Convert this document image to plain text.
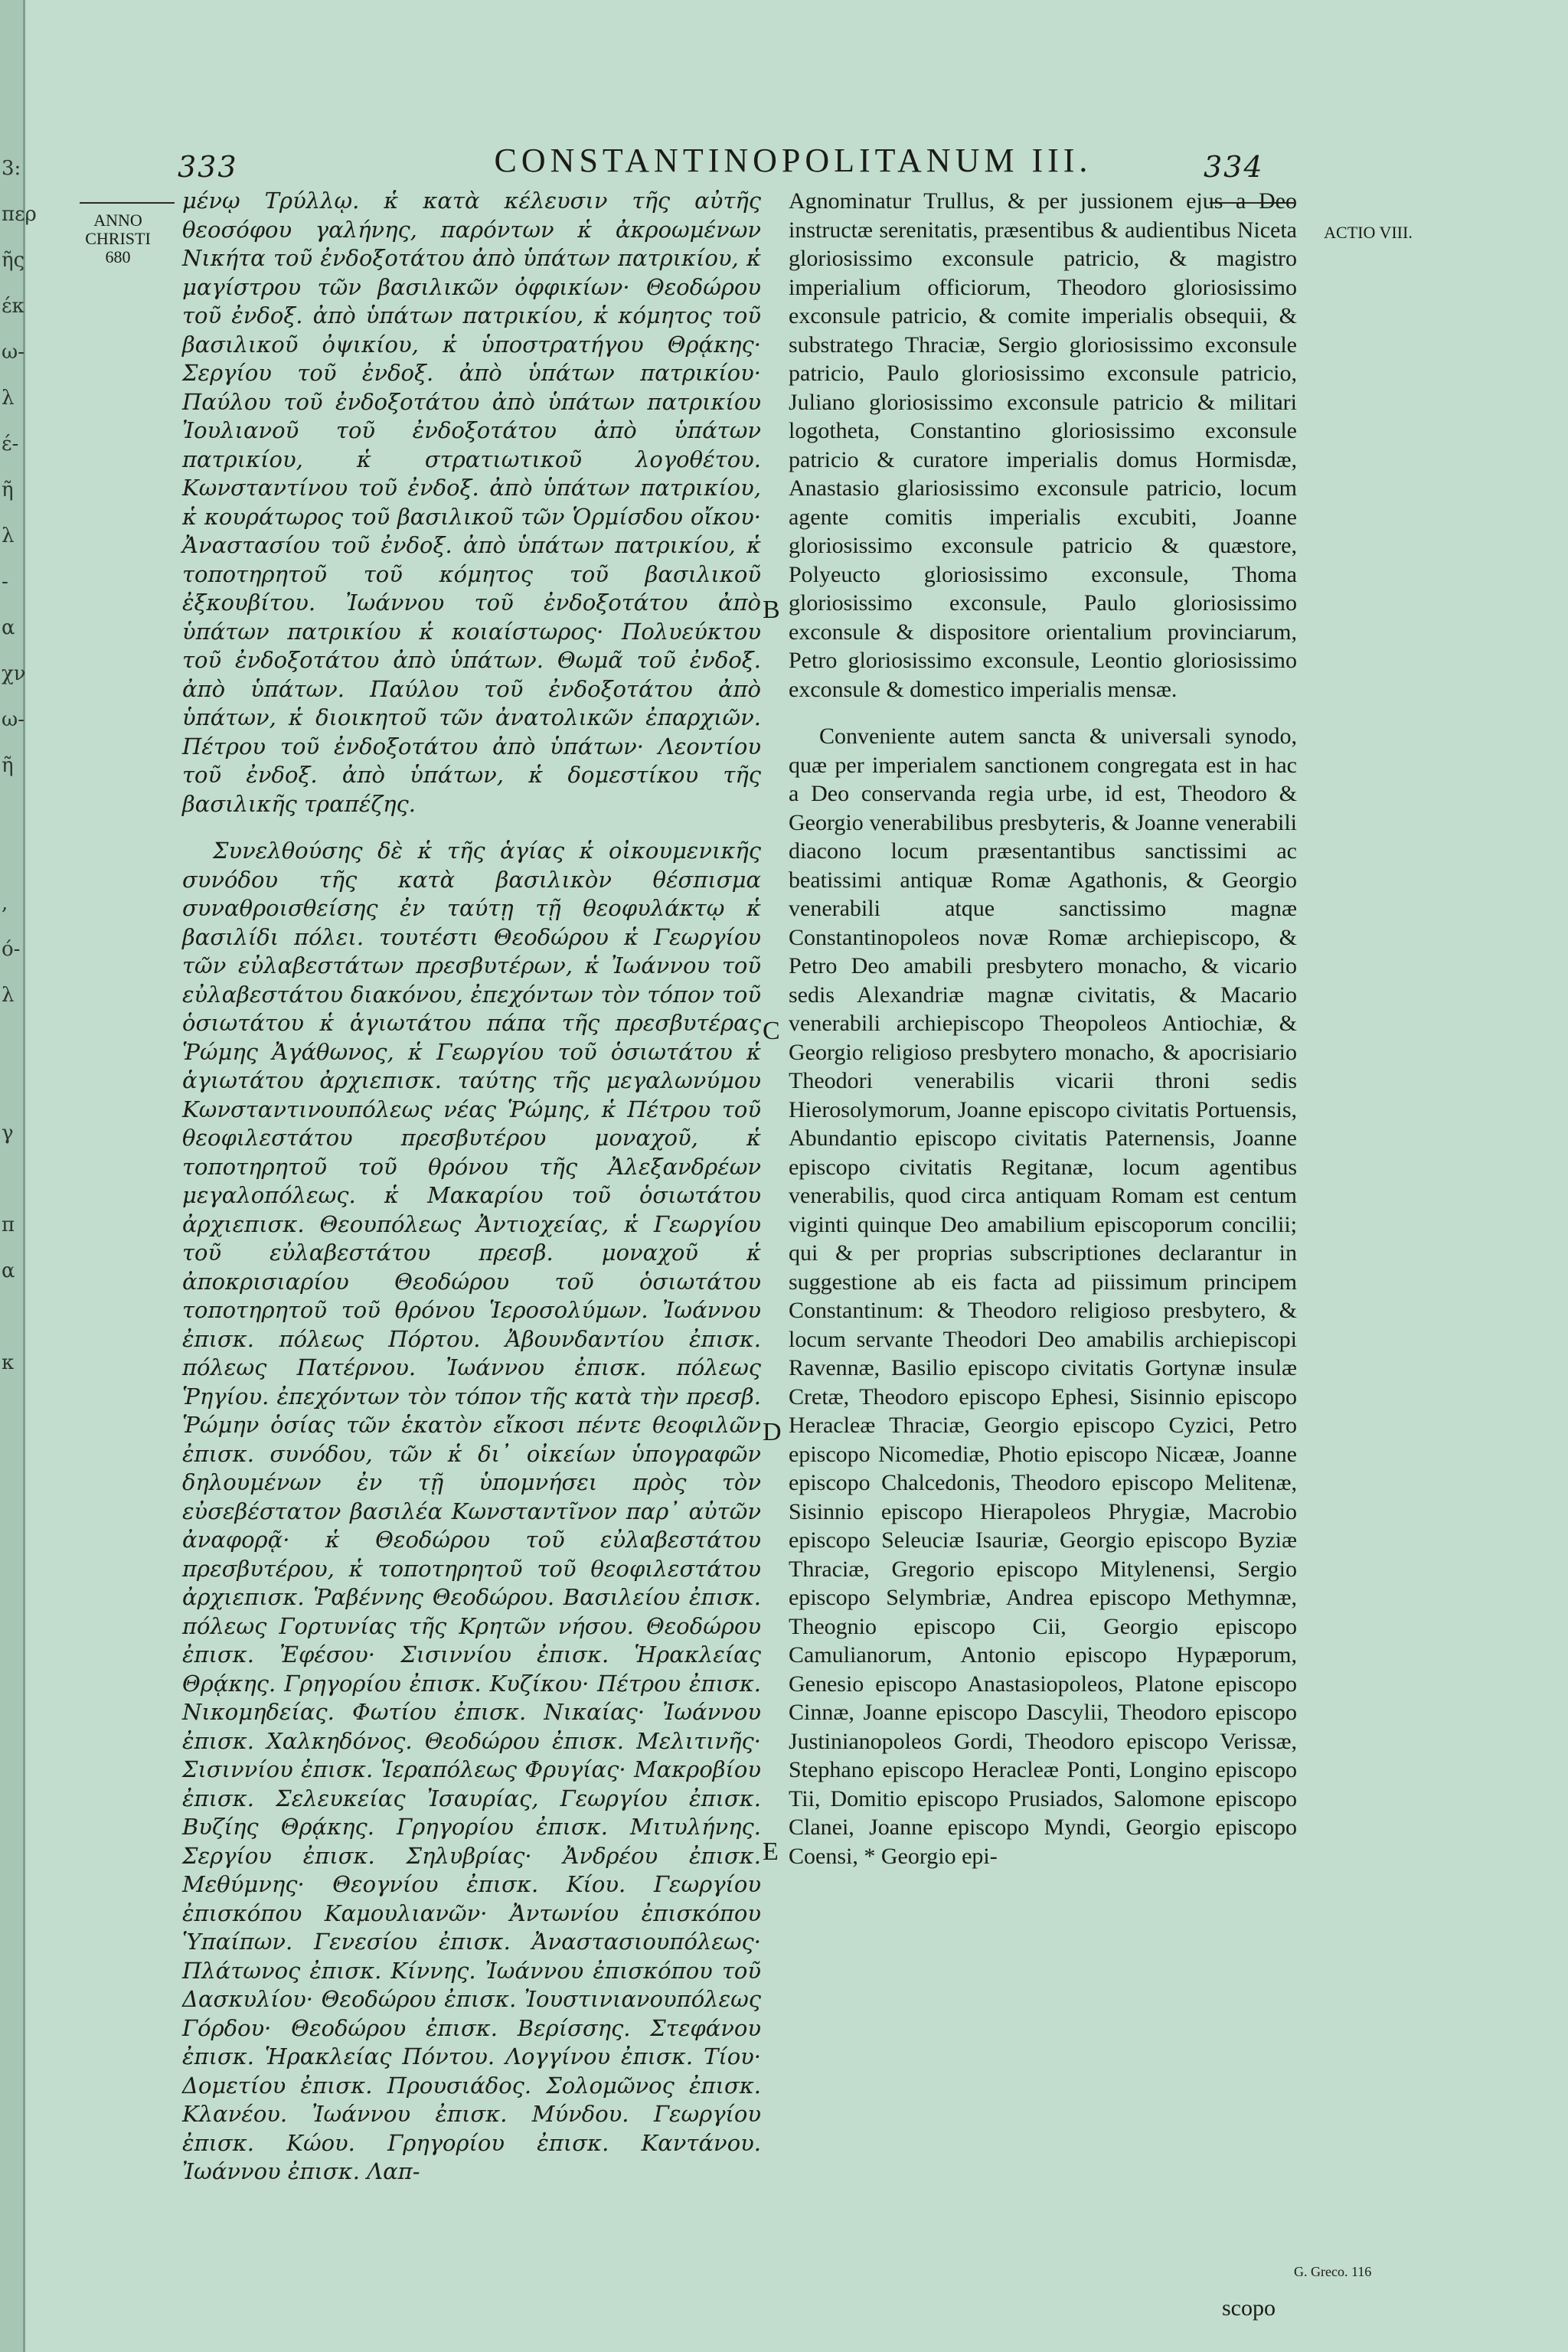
3:
περ
ῆς
έκ
ω-
λ
έ-
ῆ
λ
-
α
χν
ω-
ῆ

,
ό-
λ

γ

π
α

κ
333	CONSTANTINOPOLITANUM III.	334
ANNO CHRISTI 680
ACTIO VIII.

μένῳ Τρύλλῳ. κ̔ κατὰ κέλευσιν τῆς αὐτῆς θεοσόφου γαλήνης, παρόντων κ̔ ἀκροωμένων Νικήτα τοῦ ἐνδοξοτάτου ἀπὸ ὑπάτων πατρικίου, κ̔ μαγίστρου τῶν βασιλικῶν ὀφφικίων· Θεοδώρου τοῦ ἐνδοξ. ἀπὸ ὑπάτων πατρικίου, κ̔ κόμητος τοῦ βασιλικοῦ ὀψικίου, κ̔ ὑποστρατήγου Θρᾴκης· Σεργίου τοῦ ἐνδοξ. ἀπὸ ὑπάτων πατρικίου· Παύλου τοῦ ἐνδοξοτάτου ἀπὸ ὑπάτων πατρικίου Ἰουλιανοῦ τοῦ ἐνδοξοτάτου ἀπὸ ὑπάτων πατρικίου, κ̔ στρατιωτικοῦ λογοθέτου. Κωνσταντίνου τοῦ ἐνδοξ. ἀπὸ ὑπάτων πατρικίου, κ̔ κουράτωρος τοῦ βασιλικοῦ τῶν Ὁρμίσδου οἴκου· Ἀναστασίου τοῦ ἐνδοξ. ἀπὸ ὑπάτων πατρικίου, κ̔ τοποτηρητοῦ τοῦ κόμητος τοῦ βασιλικοῦ ἐξκουβίτου. Ἰωάννου τοῦ ἐνδοξοτάτου ἀπὸ ὑπάτων πατρικίου κ̔ κοιαίστωρος· Πολυεύκτου τοῦ ἐνδοξοτάτου ἀπὸ ὑπάτων. Θωμᾶ τοῦ ἐνδοξ. ἀπὸ ὑπάτων. Παύλου τοῦ ἐνδοξοτάτου ἀπὸ ὑπάτων, κ̔ διοικητοῦ τῶν ἀνατολικῶν ἐπαρχιῶν. Πέτρου τοῦ ἐνδοξοτάτου ἀπὸ ὑπάτων· Λεοντίου τοῦ ἐνδοξ. ἀπὸ ὑπάτων, κ̔ δομεστίκου τῆς βασιλικῆς τραπέζης.

Συνελθούσης δὲ κ̔ τῆς ἁγίας κ̔ οἰκουμενικῆς συνόδου τῆς κατὰ βασιλικὸν θέσπισμα συναθροισθείσης ἐν ταύτῃ τῇ θεοφυλάκτῳ κ̔ βασιλίδι πόλει. τουτέστι Θεοδώρου κ̔ Γεωργίου τῶν εὐλαβεστάτων πρεσβυτέρων, κ̔ Ἰωάννου τοῦ εὐλαβεστάτου διακόνου, ἐπεχόντων τὸν τόπον τοῦ ὁσιωτάτου κ̔ ἁγιωτάτου πάπα τῆς πρεσβυτέρας Ῥώμης Ἀγάθωνος, κ̔ Γεωργίου τοῦ ὁσιωτάτου κ̔ ἁγιωτάτου ἀρχιεπισκ. ταύτης τῆς μεγαλωνύμου Κωνσταντινουπόλεως νέας Ῥώμης, κ̔ Πέτρου τοῦ θεοφιλεστάτου πρεσβυτέρου μοναχοῦ, κ̔ τοποτηρητοῦ τοῦ θρόνου τῆς Ἀλεξανδρέων μεγαλοπόλεως. κ̔ Μακαρίου τοῦ ὁσιωτάτου ἀρχιεπισκ. Θεουπόλεως Ἀντιοχείας, κ̔ Γεωργίου τοῦ εὐλαβεστάτου πρεσβ. μοναχοῦ κ̔ ἀποκρισιαρίου Θεοδώρου τοῦ ὁσιωτάτου τοποτηρητοῦ τοῦ θρόνου Ἱεροσολύμων. Ἰωάννου ἐπισκ. πόλεως Πόρτου. Ἀβουνδαντίου ἐπισκ. πόλεως Πατέρνου. Ἰωάννου ἐπισκ. πόλεως Ῥηγίου. ἐπεχόντων τὸν τόπον τῆς κατὰ τὴν πρεσβ. Ῥώμην ὁσίας τῶν ἑκατὸν εἴκοσι πέντε θεοφιλῶν ἐπισκ. συνόδου, τῶν κ̔ δι᾽ οἰκείων ὑπογραφῶν δηλουμένων ἐν τῇ ὑπομνήσει πρὸς τὸν εὐσεβέστατον βασιλέα Κωνσταντῖνον παρ᾽ αὐτῶν ἀναφορᾷ· κ̔ Θεοδώρου τοῦ εὐλαβεστάτου πρεσβυτέρου, κ̔ τοποτηρητοῦ τοῦ θεοφιλεστάτου ἀρχιεπισκ. Ῥαβέννης Θεοδώρου. Βασιλείου ἐπισκ. πόλεως Γορτυνίας τῆς Κρητῶν νήσου. Θεοδώρου ἐπισκ. Ἐφέσου· Σισιννίου ἐπισκ. Ἡρακλείας Θρᾴκης. Γρηγορίου ἐπισκ. Κυζίκου· Πέτρου ἐπισκ. Νικομηδείας. Φωτίου ἐπισκ. Νικαίας· Ἰωάννου ἐπισκ. Χαλκηδόνος. Θεοδώρου ἐπισκ. Μελιτινῆς· Σισιννίου ἐπισκ. Ἱεραπόλεως Φρυγίας· Μακροβίου ἐπισκ. Σελευκείας Ἰσαυρίας, Γεωργίου ἐπισκ. Βυζίης Θρᾴκης. Γρηγορίου ἐπισκ. Μιτυλήνης. Σεργίου ἐπισκ. Σηλυβρίας· Ἀνδρέου ἐπισκ. Μεθύμνης· Θεογνίου ἐπισκ. Κίου. Γεωργίου ἐπισκόπου Καμουλιανῶν· Ἀντωνίου ἐπισκόπου Ὑπαίπων. Γενεσίου ἐπισκ. Ἀναστασιουπόλεως· Πλάτωνος ἐπισκ. Κίννης. Ἰωάννου ἐπισκόπου τοῦ Δασκυλίου· Θεοδώρου ἐπισκ. Ἰουστινιανουπόλεως Γόρδου· Θεοδώρου ἐπισκ. Βερίσσης. Στεφάνου ἐπισκ. Ἡρακλείας Πόντου. Λογγίνου ἐπισκ. Τίου· Δομετίου ἐπισκ. Προυσιάδος. Σολομῶνος ἐπισκ. Κλανέου. Ἰωάννου ἐπισκ. Μύνδου. Γεωργίου ἐπισκ. Κώου. Γρηγορίου ἐπισκ. Καντάνου. Ἰωάννου ἐπισκ. Λαπ-

B
C
D
E

Agnominatur Trullus, & per jussionem ejus a Deo instructæ serenitatis, præsentibus & audientibus Niceta gloriosissimo exconsule patricio, & magistro imperialium officiorum, Theodoro gloriosissimo exconsule patricio, & comite imperialis obsequii, & substratego Thraciæ, Sergio gloriosissimo exconsule patricio, Paulo gloriosissimo exconsule patricio, Juliano gloriosissimo exconsule patricio & militari logothetа, Constantino gloriosissimo exconsule patricio & curatore imperialis domus Hormisdæ, Anastasio glariosissimo exconsule patricio, locum agente comitis imperialis excubiti, Joanne gloriosissimo exconsule patricio & quæstore, Polyeucto gloriosissimo exconsule, Thoma gloriosissimo exconsule, Paulo gloriosissimo exconsule & dispositore orientalium provinciarum, Petro gloriosissimo exconsule, Leontio gloriosissimo exconsule & domestico imperialis mensæ.

Conveniente autem sancta & universali synodo, quæ per imperialem sanctionem congregata est in hac a Deo conservanda regia urbe, id est, Theodoro & Georgio venerabilibus presbyteris, & Joanne venerabili diacono locum præsentantibus sanctissimi ac beatissimi antiquæ Romæ Agathonis, & Georgio venerabili atque sanctissimo magnæ Constantinopoleos novæ Romæ archiepiscopo, & Petro Deo amabili presbytero monacho, & vicario sedis Alexandriæ magnæ civitatis, & Macario venerabili archiepiscopo Theopoleos Antiochiæ, & Georgio religioso presbytero monacho, & apocrisiario Theodori venerabilis vicarii throni sedis Hierosolymorum, Joanne episcopo civitatis Portuensis, Abundantio episcopo civitatis Paternensis, Joanne episcopo civitatis Regitanæ, locum agentibus venerabilis, quod circa antiquam Romam est centum viginti quinque Deo amabilium episcoporum concilii; qui & per proprias subscriptiones declarantur in suggestione ab eis facta ad piissimum principem Constantinum: & Theodoro religioso presbytero, & locum servante Theodori Deo amabilis archiepiscopi Ravennæ, Basilio episcopo civitatis Gortynæ insulæ Cretæ, Theodoro episcopo Ephesi, Sisinnio episcopo Heracleæ Thraciæ, Georgio episcopo Cyzici, Petro episcopo Nicomediæ, Photio episcopo Nicææ, Joanne episcopo Chalcedonis, Theodoro episcopo Melitenæ, Sisinnio episcopo Hierapoleos Phrygiæ, Macrobio episcopo Seleuciæ Isauriæ, Georgio episcopo Byziæ Thraciæ, Gregorio episcopo Mitylenensi, Sergio episcopo Selymbriæ, Andrea episcopo Methymnæ, Theognio episcopo Cii, Georgio episcopo Camulianorum, Antonio episcopo Hypæporum, Genesio episcopo Anastasiopoleos, Platone episcopo Cinnæ, Joanne episcopo Dascylii, Theodoro episcopo Justinianopoleos Gordi, Theodoro episcopo Verissæ, Stephano episcopo Heracleæ Ponti, Longino episcopo Tii, Domitio episcopo Prusiados, Salomone episcopo Clanei, Joanne episcopo Myndi, Georgio episcopo Coensi, * Georgio epi-

G. Greco. 116
scopo
